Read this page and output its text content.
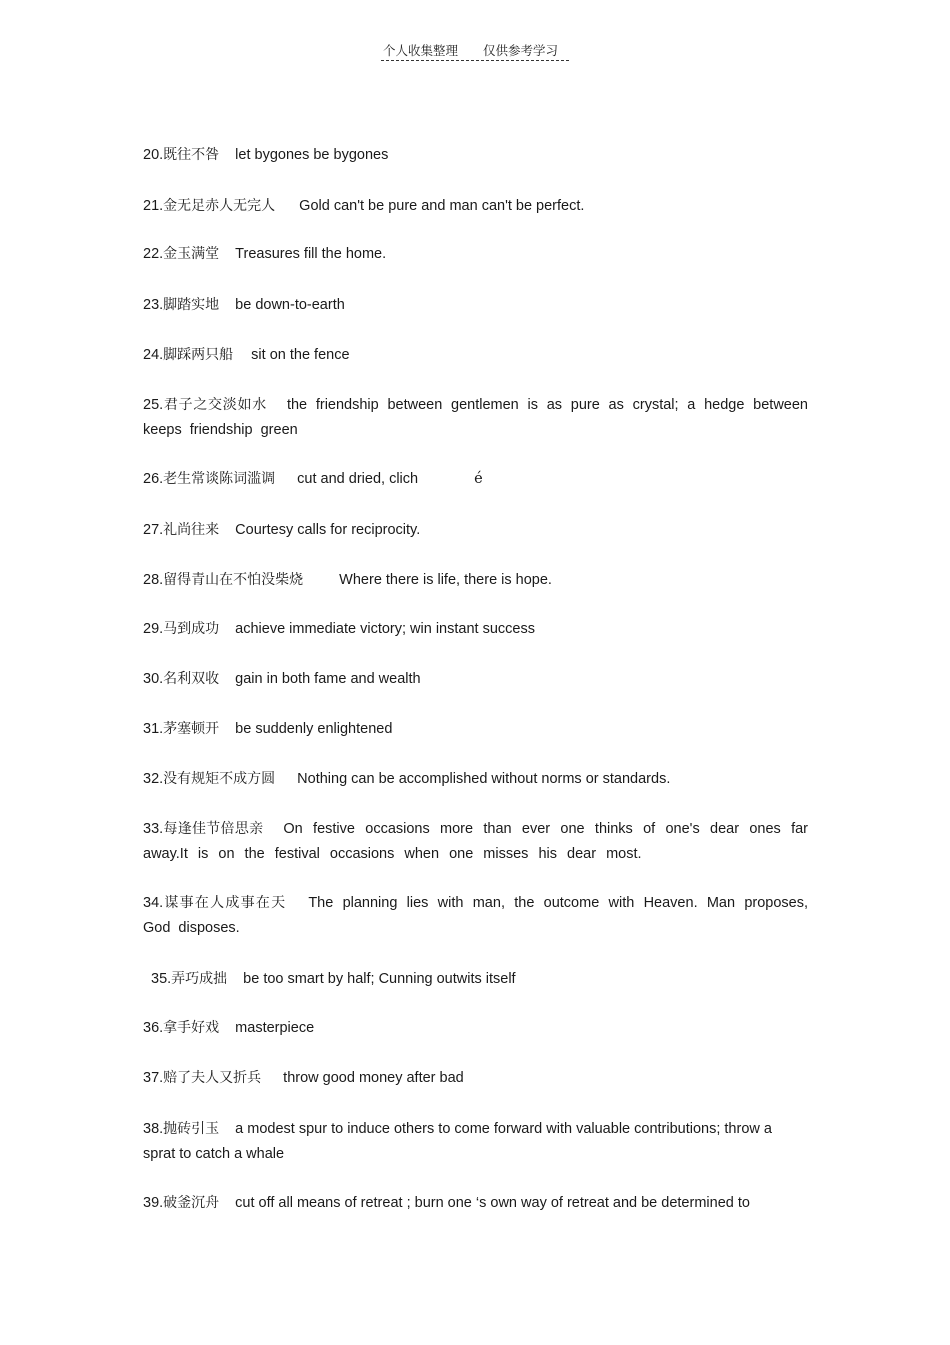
个人收集整理 仅供参考学习
20.既往不咎 let bygones be bygones
21.金无足赤人无完人 Gold can't be pure and man can't be perfect.
22.金玉满堂 Treasures fill the home.
23.脚踏实地 be down-to-earth
24.脚踩两只船 sit on the fence
25.君子之交淡如水 the friendship between gentlemen is as pure as crystal; a hedge between keeps friendship green
26.老生常谈陈词滥调 cut and dried, clich	é
27.礼尚往来 Courtesy calls for reciprocity.
28.留得青山在不怕没柴烧 Where there is life, there is hope.
29.马到成功 achieve immediate victory; win instant success
30.名利双收 gain in both fame and wealth
31.茅塞顿开 be suddenly enlightened
32.没有规矩不成方圆 Nothing can be accomplished without norms or standards.
33.每逢佳节倍思亲 On festive occasions more than ever one thinks of one's dear ones far away.It is on the festival occasions when one misses his dear most.
34.谋事在人成事在天 The planning lies with man, the outcome with Heaven. Man proposes, God disposes.
35.弄巧成拙 be too smart by half; Cunning outwits itself
36.拿手好戏 masterpiece
37.赔了夫人又折兵 throw good money after bad
38.抛砖引玉 a modest spur to induce others to come forward with valuable contributions; throw a sprat to catch a whale
39.破釜沉舟 cut off all means of retreat ; burn one ‘s own way of retreat and be determined to
